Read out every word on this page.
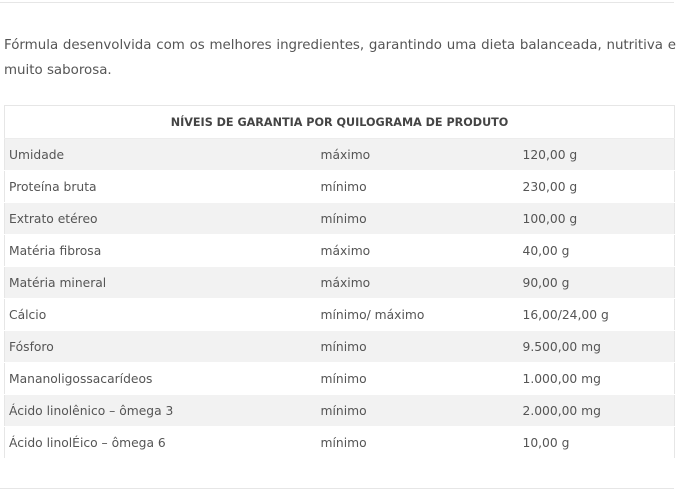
Fórmula desenvolvida com os melhores ingredientes, garantindo uma dieta balanceada, nutritiva e muito saborosa.

NÍVEIS DE GARANTIA POR QUILOGRAMA DE PRODUTO		
Umidade	máximo	120,00 g
Proteína bruta	mínimo	230,00 g
Extrato etéreo	mínimo	100,00 g
Matéria fibrosa	máximo	40,00 g
Matéria mineral	máximo	90,00 g
Cálcio	mínimo/ máximo	16,00/24,00 g
Fósforo	mínimo	9.500,00 mg
Mananoligossacarídeos	mínimo	1.000,00 mg
Ácido linolênico – ômega 3	mínimo	2.000,00 mg
Ácido linolÉico – ômega 6	mínimo	10,00 g
